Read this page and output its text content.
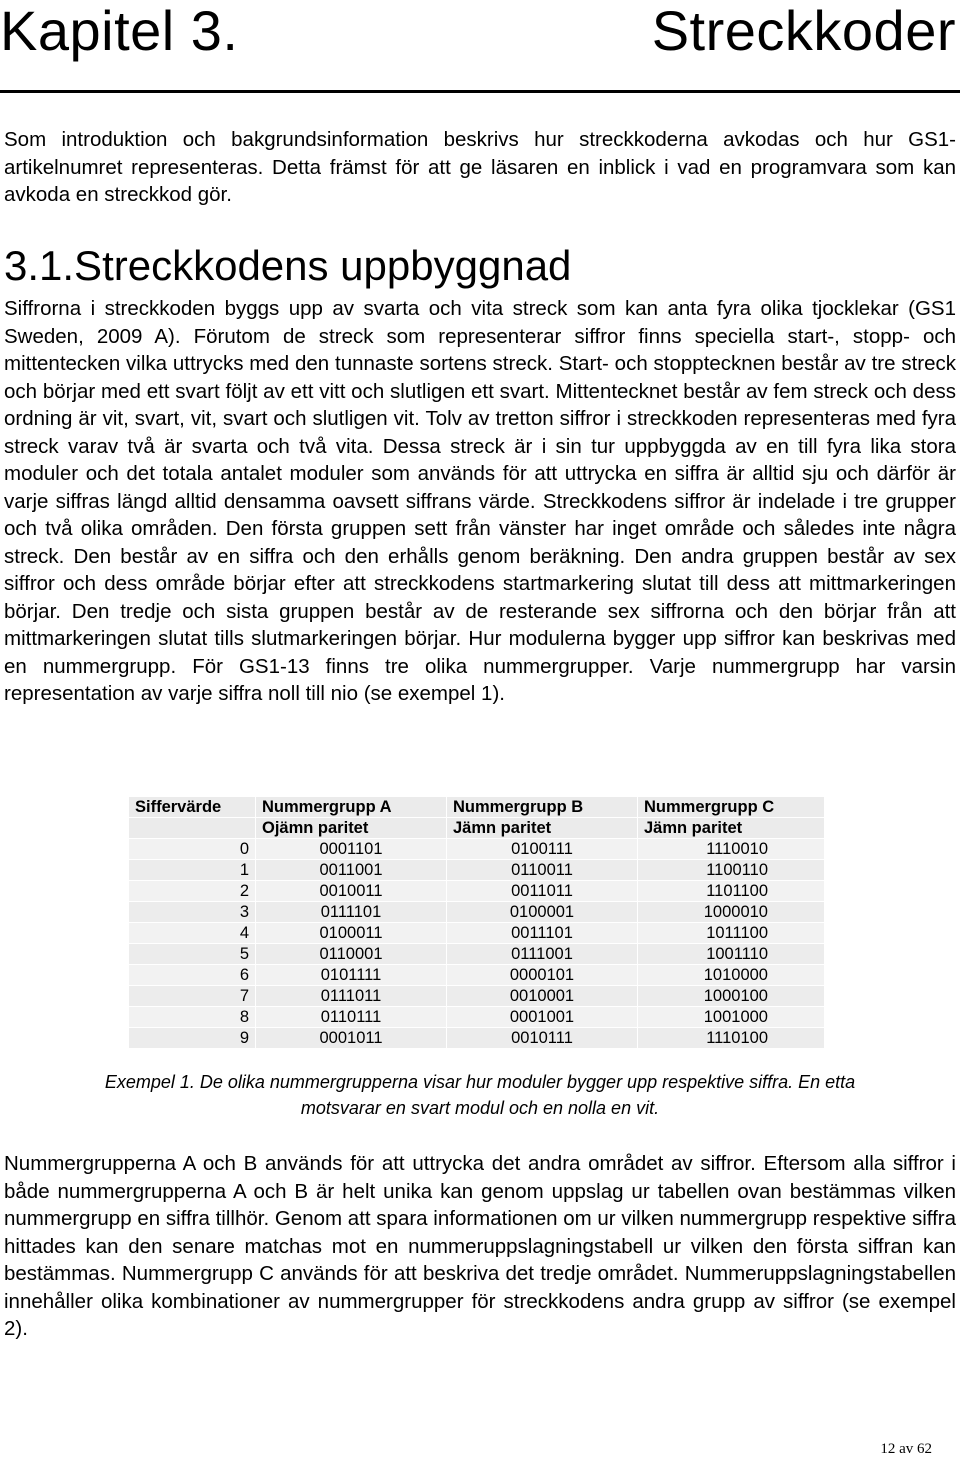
Kapitel 3.	Streckkoder

Som introduktion och bakgrundsinformation beskrivs hur streckkoderna avkodas och hur GS1-artikelnumret representeras. Detta främst för att ge läsaren en inblick i vad en programvara som kan avkoda en streckkod gör.

3.1.Streckkodens uppbyggnad

Siffrorna i streckkoden byggs upp av svarta och vita streck som kan anta fyra olika tjocklekar (GS1 Sweden, 2009 A). Förutom de streck som representerar siffror finns speciella start-, stopp- och mittentecken vilka uttrycks med den tunnaste sortens streck. Start- och stopptecknen består av tre streck och börjar med ett svart följt av ett vitt och slutligen ett svart. Mittentecknet består av fem streck och dess ordning är vit, svart, vit, svart och slutligen vit. Tolv av tretton siffror i streckkoden representeras med fyra streck varav två är svarta och två vita. Dessa streck är i sin tur uppbyggda av en till fyra lika stora moduler och det totala antalet moduler som används för att uttrycka en siffra är alltid sju och därför är varje siffras längd alltid densamma oavsett siffrans värde. Streckkodens siffror är indelade i tre grupper och två olika områden. Den första gruppen sett från vänster har inget område och således inte några streck. Den består av en siffra och den erhålls genom beräkning. Den andra gruppen består av sex siffror och dess område börjar efter att streckkodens startmarkering slutat till dess att mittmarkeringen börjar. Den tredje och sista gruppen består av de resterande sex siffrorna och den börjar från att mittmarkeringen slutat tills slutmarkeringen börjar. Hur modulerna bygger upp siffror kan beskrivas med en nummergrupp. För GS1-13 finns tre olika nummergrupper. Varje nummergrupp har varsin representation av varje siffra noll till nio (se exempel 1).

Siffervärde	Nummergrupp A	Nummergrupp B	Nummergrupp C
	Ojämn paritet	Jämn paritet	Jämn paritet
0	0001101	0100111	1110010
1	0011001	0110011	1100110
2	0010011	0011011	1101100
3	0111101	0100001	1000010
4	0100011	0011101	1011100
5	0110001	0111001	1001110
6	0101111	0000101	1010000
7	0111011	0010001	1000100
8	0110111	0001001	1001000
9	0001011	0010111	1110100
Exempel 1. De olika nummergrupperna visar hur moduler bygger upp respektive siffra. En etta
motsvarar en svart modul och en nolla en vit.

Nummergrupperna A och B används för att uttrycka det andra området av siffror. Eftersom alla siffror i både nummergrupperna A och B är helt unika kan genom uppslag ur tabellen ovan bestämmas vilken nummergrupp en siffra tillhör. Genom att spara informationen om ur vilken nummergrupp respektive siffra hittades kan den senare matchas mot en nummeruppslagningstabell ur vilken den första siffran kan bestämmas. Nummergrupp C används för att beskriva det tredje området. Nummeruppslagningstabellen innehåller olika kombinationer av nummergrupper för streckkodens andra grupp av siffror (se exempel 2).

12 av 62
